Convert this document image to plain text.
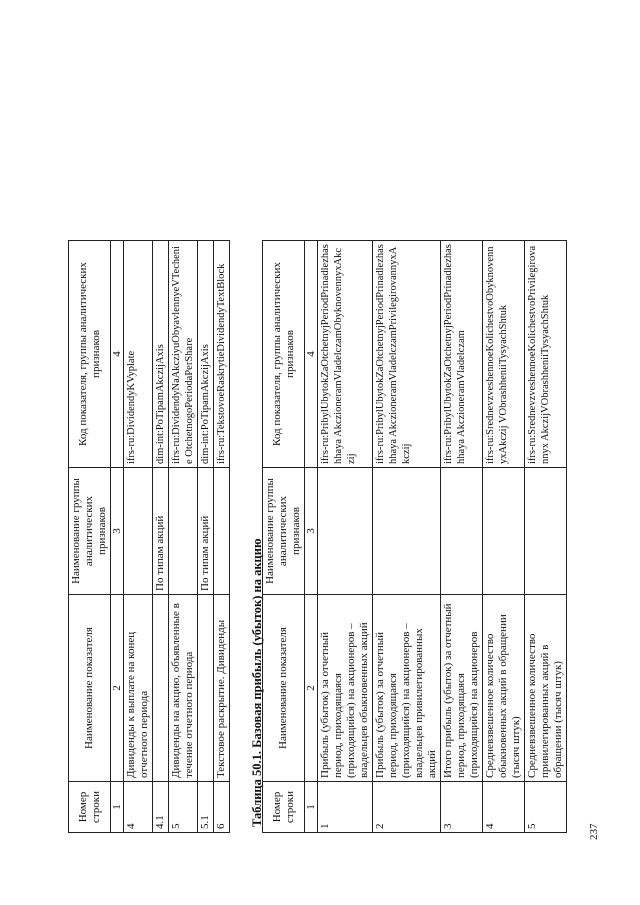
237
Номер строки	Наименование показателя	Наименование группы аналитических признаков	Код показателя, группы аналитических признаков
1	2	3	4
4	Дивиденды к выплате на конец отчетного периода		ifrs-ru:DividendyKVyplate
4.1		По типам акций	dim-int:PoTipamAkczijAxis
5	Дивиденды на акцию, объявленные в течение отчетного периода		ifrs-ru:DividendyNaAkcziyuObyavlennyeVTechenie OtchetnogoPeriodaPerShare
5.1		По типам акций	dim-int:PoTipamAkczijAxis
6	Текстовое раскрытие. Дивиденды		ifrs-ru:TekstovoeRaskrytieDividendyTextBlock
Таблица 50.1. Базовая прибыль (убыток) на акцию Номер строки	Наименование показателя	Наименование группы аналитических признаков	Код показателя, группы аналитических признаков
1	2	3	4
1	Прибыль (убыток) за отчетный период, приходящаяся (приходящийся) на акционеров – владельцев обыкновенных акций		ifrs-ru:PribylUbytokZaOtchetnyjPeriodPrinadlezhashhaya AkczioneramVladelczamObyknovennyxAkczij
2	Прибыль (убыток) за отчетный период, приходящаяся (приходящийся) на акционеров – владельцев привилегированных акций		ifrs-ru:PribylUbytokZaOtchetnyjPeriodPrinadlezhashhaya AkczioneramVladelczamPrivilegirovannyxAkczij
3	Итого прибыль (убыток) за отчетный период, приходящаяся (приходящийся) на акционеров		ifrs-ru:PribylUbytokZaOtchetnyjPeriodPrinadlezhashhaya AkczioneramVladelczam
4	Средневзвешенное количество обыкновенных акций в обращении (тысяч штук)		ifrs-ru:SrednevzveshennoeKolichestvoObyknovennyxAkczij VObrashheniiTysyachShtuk
5	Средневзвешенное количество привилегированных акций в обращении (тысяч штук)		ifrs-ru:SrednevzveshennoeKolichestvoPrivilegirovannyx AkczijVObrashheniiTysyachShtuk
